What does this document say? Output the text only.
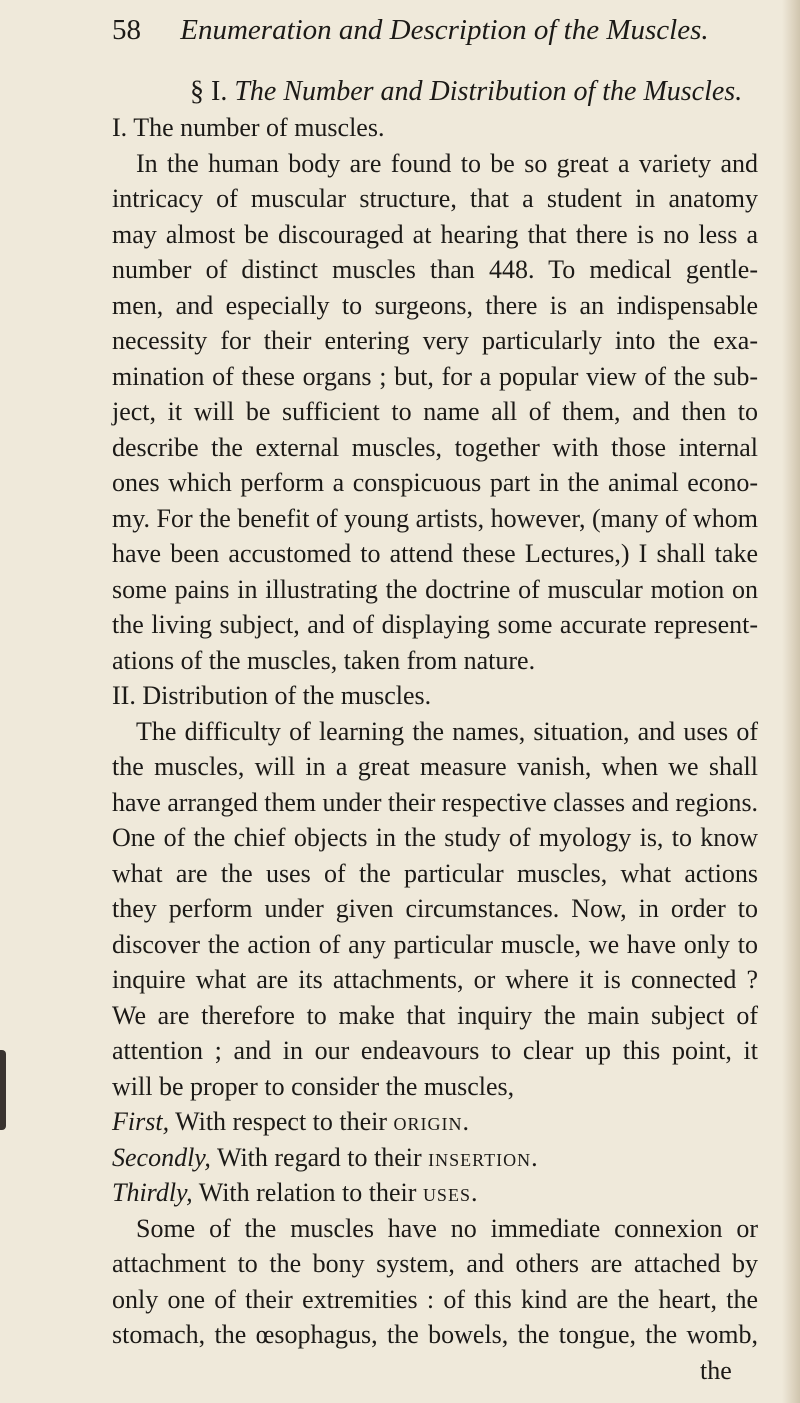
58 Enumeration and Description of the Muscles.
§ I. The Number and Distribution of the Muscles.
I. The number of muscles.
In the human body are found to be so great a variety and
intricacy of muscular structure, that a student in anatomy
may almost be discouraged at hearing that there is no less a
number of distinct muscles than 448. To medical gentle-
men, and especially to surgeons, there is an indispensable
necessity for their entering very particularly into the exa-
mination of these organs ; but, for a popular view of the sub-
ject, it will be sufficient to name all of them, and then to
describe the external muscles, together with those internal
ones which perform a conspicuous part in the animal econo-
my. For the benefit of young artists, however, (many of whom
have been accustomed to attend these Lectures,) I shall take
some pains in illustrating the doctrine of muscular motion on
the living subject, and of displaying some accurate represent-
ations of the muscles, taken from nature.
II. Distribution of the muscles.
The difficulty of learning the names, situation, and uses of
the muscles, will in a great measure vanish, when we shall
have arranged them under their respective classes and regions.
One of the chief objects in the study of myology is, to know
what are the uses of the particular muscles, what actions
they perform under given circumstances. Now, in order to
discover the action of any particular muscle, we have only to
inquire what are its attachments, or where it is connected ?
We are therefore to make that inquiry the main subject of
attention ; and in our endeavours to clear up this point, it
will be proper to consider the muscles,
First, With respect to their origin.
Secondly, With regard to their insertion.
Thirdly, With relation to their uses.
Some of the muscles have no immediate connexion or
attachment to the bony system, and others are attached by
only one of their extremities : of this kind are the heart, the
stomach, the œsophagus, the bowels, the tongue, the womb,
the
